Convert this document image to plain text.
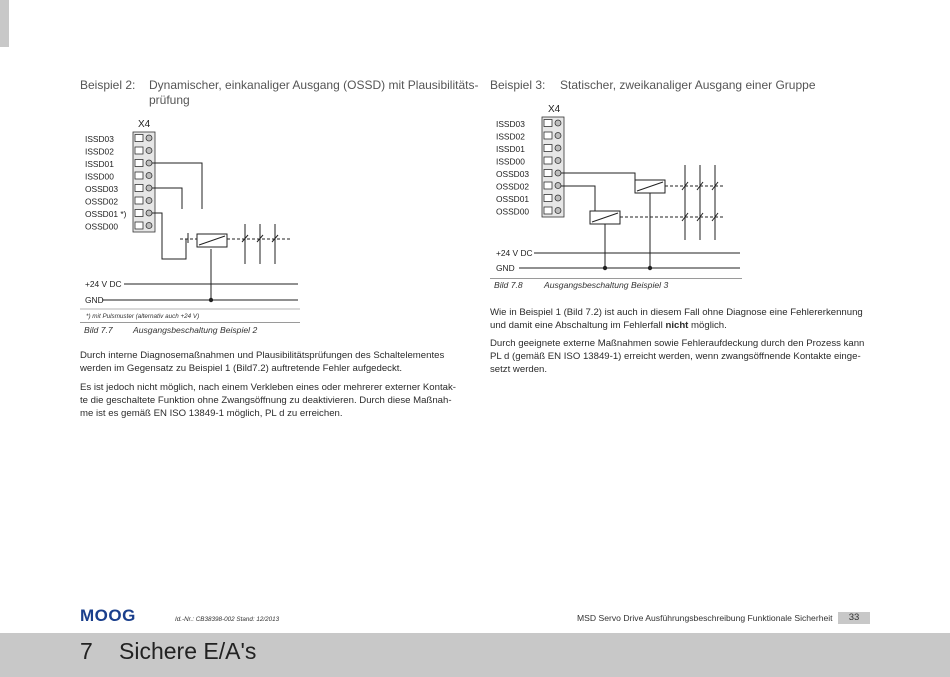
Beispiel 2: Dynamischer, einkanaliger Ausgang (OSSD) mit Plausibilitäts-
prüfung
X4
ISSD03
ISSD02
ISSD01
ISSD00
OSSD03
OSSD02
OSSD01 *)
OSSD00
+24 V DC
GND
*) mit Pulsmuster (alternativ auch +24 V)
Bild 7.7 Ausgangsbeschaltung Beispiel 2
Durch interne Diagnosemaßnahmen und Plausibilitätsprüfungen des Schaltelementes
werden im Gegensatz zu Beispiel 1 (Bild7.2) auftretende Fehler aufgedeckt.
Es ist jedoch nicht möglich, nach einem Verkleben eines oder mehrerer externer Kontak-
te die geschaltete Funktion ohne Zwangsöffnung zu deaktivieren. Durch diese Maßnah-
me ist es gemäß EN ISO 13849-1 möglich, PL d zu erreichen.
Beispiel 3: Statischer, zweikanaliger Ausgang einer Gruppe
X4
ISSD03
ISSD02
ISSD01
ISSD00
OSSD03
OSSD02
OSSD01
OSSD00
+24 V DC
GND
Bild 7.8 Ausgangsbeschaltung Beispiel 3
Wie in Beispiel 1 (Bild 7.2) ist auch in diesem Fall ohne Diagnose eine Fehlererkennung
und damit eine Abschaltung im Fehlerfall nicht möglich.
Durch geeignete externe Maßnahmen sowie Fehleraufdeckung durch den Prozess kann
PL d (gemäß EN ISO 13849-1) erreicht werden, wenn zwangsöffnende Kontakte einge-
setzt werden.
MOOG	Id.-Nr.: CB38398-002 Stand: 12/2013	MSD Servo Drive Ausführungsbeschreibung Funktionale Sicherheit	33
7 Sichere E/A's
